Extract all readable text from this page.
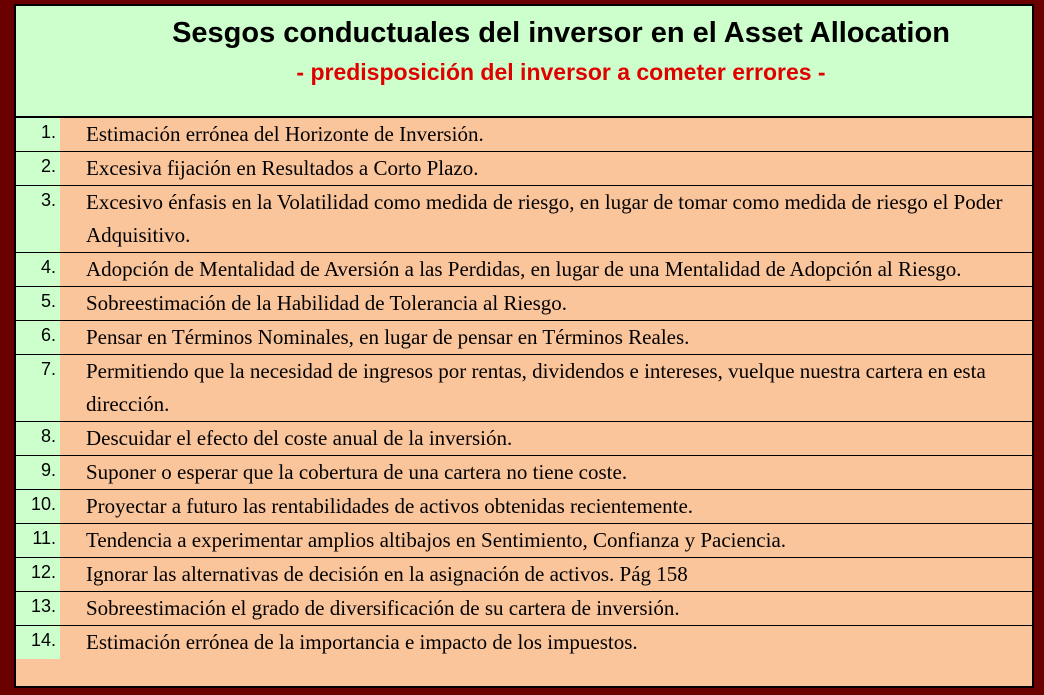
Sesgos conductuales del inversor en el Asset Allocation
- predisposición del inversor a cometer errores -
1.	Estimación errónea del Horizonte de Inversión.
2.	Excesiva fijación en Resultados a Corto Plazo.
3.	Excesivo énfasis en la Volatilidad como medida de riesgo, en lugar de tomar como medida de riesgo el Poder Adquisitivo.
4.	Adopción de Mentalidad de Aversión a las Perdidas, en lugar de una Mentalidad de Adopción al Riesgo.
5.	Sobreestimación de la Habilidad de Tolerancia al Riesgo.
6.	Pensar en Términos Nominales, en lugar de pensar en Términos Reales.
7.	Permitiendo que la necesidad de ingresos por rentas, dividendos e intereses, vuelque nuestra cartera en esta dirección.
8.	Descuidar el efecto del coste anual de la inversión.
9.	Suponer o esperar que la cobertura de una cartera no tiene coste.
10.	Proyectar a futuro las rentabilidades de activos obtenidas recientemente.
11.	Tendencia a experimentar amplios altibajos en Sentimiento, Confianza y Paciencia.
12.	Ignorar las alternativas de decisión en la asignación de activos. Pág 158
13.	Sobreestimación el grado de diversificación de su cartera de inversión.
14.	Estimación errónea de la importancia e impacto de los impuestos.
